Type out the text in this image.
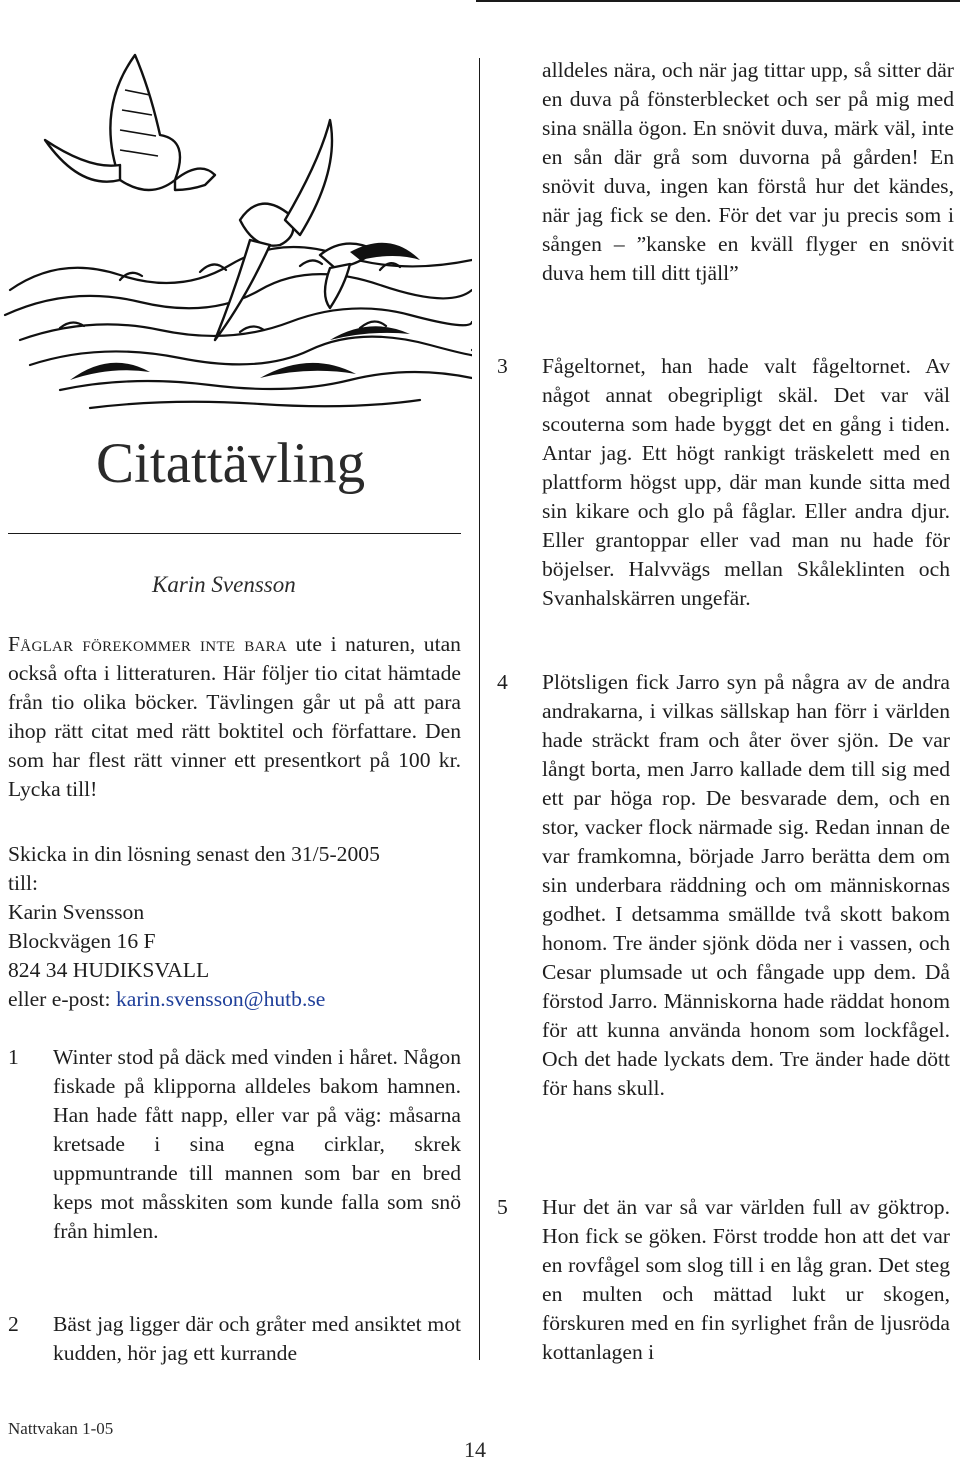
Citattävling
Karin Svensson
Fåglar förekommer inte bara ute i naturen, utan också ofta i litteraturen. Här följer tio citat hämtade från tio olika böcker. Tävlingen går ut på att para ihop rätt citat med rätt boktitel och författare. Den som har flest rätt vinner ett presentkort på 100 kr. Lycka till!
Skicka in din lösning senast den 31/5-2005
till:
Karin Svensson
Blockvägen 16 F
824 34 HUDIKSVALL
eller e-post: karin.svensson@hutb.se
1 Winter stod på däck med vinden i håret. Någon fiskade på klipporna alldeles bakom hamnen. Han hade fått napp, eller var på väg: måsarna kretsade i sina egna cirklar, skrek uppmuntrande till mannen som bar en bred keps mot måsskiten som kunde falla som snö från himlen.
2 Bäst jag ligger där och gråter med ansiktet mot kudden, hör jag ett kurrande
alldeles nära, och när jag tittar upp, så sitter där en duva på fönsterblecket och ser på mig med sina snälla ögon. En snövit duva, märk väl, inte en sån där grå som duvorna på gården! En snövit duva, ingen kan förstå hur det kändes, när jag fick se den. För det var ju precis som i sången – ”kanske en kväll flyger en snövit duva hem till ditt tjäll”
3 Fågeltornet, han hade valt fågeltornet. Av något annat obegripligt skäl. Det var väl scouterna som hade byggt det en gång i tiden. Antar jag. Ett högt rankigt träskelett med en plattform högst upp, där man kunde sitta med sin kikare och glo på fåglar. Eller andra djur. Eller grantoppar eller vad man nu hade för böjelser. Halvvägs mellan Skåleklinten och Svanhalskärren ungefär.
4 Plötsligen fick Jarro syn på några av de andra andrakarna, i vilkas sällskap han förr i världen hade sträckt fram och åter över sjön. De var långt borta, men Jarro kallade dem till sig med ett par höga rop. De besvarade dem, och en stor, vacker flock närmade sig. Redan innan de var framkomna, började Jarro berätta dem om sin underbara räddning och om människornas godhet. I detsamma smällde två skott bakom honom. Tre änder sjönk döda ner i vassen, och Cesar plumsade ut och fångade upp dem. Då förstod Jarro. Människorna hade räddat honom för att kunna använda honom som lockfågel. Och det hade lyckats dem. Tre änder hade dött för hans skull.
5 Hur det än var så var världen full av göktrop. Hon fick se göken. Först trodde hon att det var en rovfågel som slog till i en låg gran. Det steg en multen och mättad lukt ur skogen, förskuren med en fin syrlighet från de ljusröda kottanlagen i
Nattvakan 1-05
14
